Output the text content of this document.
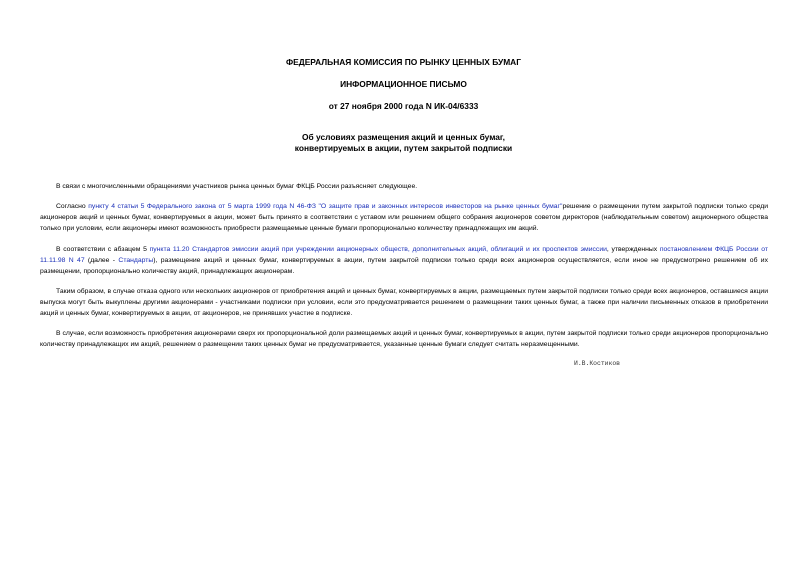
ФЕДЕРАЛЬНАЯ КОМИССИЯ ПО РЫНКУ ЦЕННЫХ БУМАГ
ИНФОРМАЦИОННОЕ ПИСЬМО
от 27 ноября 2000 года N ИК-04/6333
Об условиях размещения акций и ценных бумаг,
конвертируемых в акции, путем закрытой подписки

В связи с многочисленными обращениями участников рынка ценных бумаг ФКЦБ России разъясняет следующее.

Согласно пункту 4 статьи 5 Федерального закона от 5 марта 1999 года N 46-ФЗ "О защите прав и законных интересов инвесторов на рынке ценных бумаг"решение о размещении путем закрытой подписки только среди акционеров акций и ценных бумаг, конвертируемых в акции, может быть принято в соответствии с уставом или решением общего собрания акционеров советом директоров (наблюдательным советом) акционерного общества только при условии, если акционеры имеют возможность приобрести размещаемые ценные бумаги пропорционально количеству принадлежащих им акций.

В соответствии с абзацем 5 пункта 11.20 Стандартов эмиссии акций при учреждении акционерных обществ, дополнительных акций, облигаций и их проспектов эмиссии, утвержденных постановлением ФКЦБ России от 11.11.98 N 47 (далее - Стандарты), размещение акций и ценных бумаг, конвертируемых в акции, путем закрытой подписки только среди всех акционеров осуществляется, если иное не предусмотрено решением об их размещении, пропорционально количеству акций, принадлежащих акционерам.

Таким образом, в случае отказа одного или нескольких акционеров от приобретения акций и ценных бумаг, конвертируемых в акции, размещаемых путем закрытой подписки только среди всех акционеров, оставшиеся акции выпуска могут быть выкуплены другими акционерами - участниками подписки при условии, если это предусматривается решением о размещении таких ценных бумаг, а также при наличии письменных отказов в приобретении акций и ценных бумаг, конвертируемых в акции, от акционеров, не принявших участие в подписке.

В случае, если возможность приобретения акционерами сверх их пропорциональной доли размещаемых акций и ценных бумаг, конвертируемых в акции, путем закрытой подписки только среди акционеров пропорционально количеству принадлежащих им акций, решением о размещении таких ценных бумаг не предусматривается, указанные ценные бумаги следует считать неразмещенными.

И.В.Костиков
